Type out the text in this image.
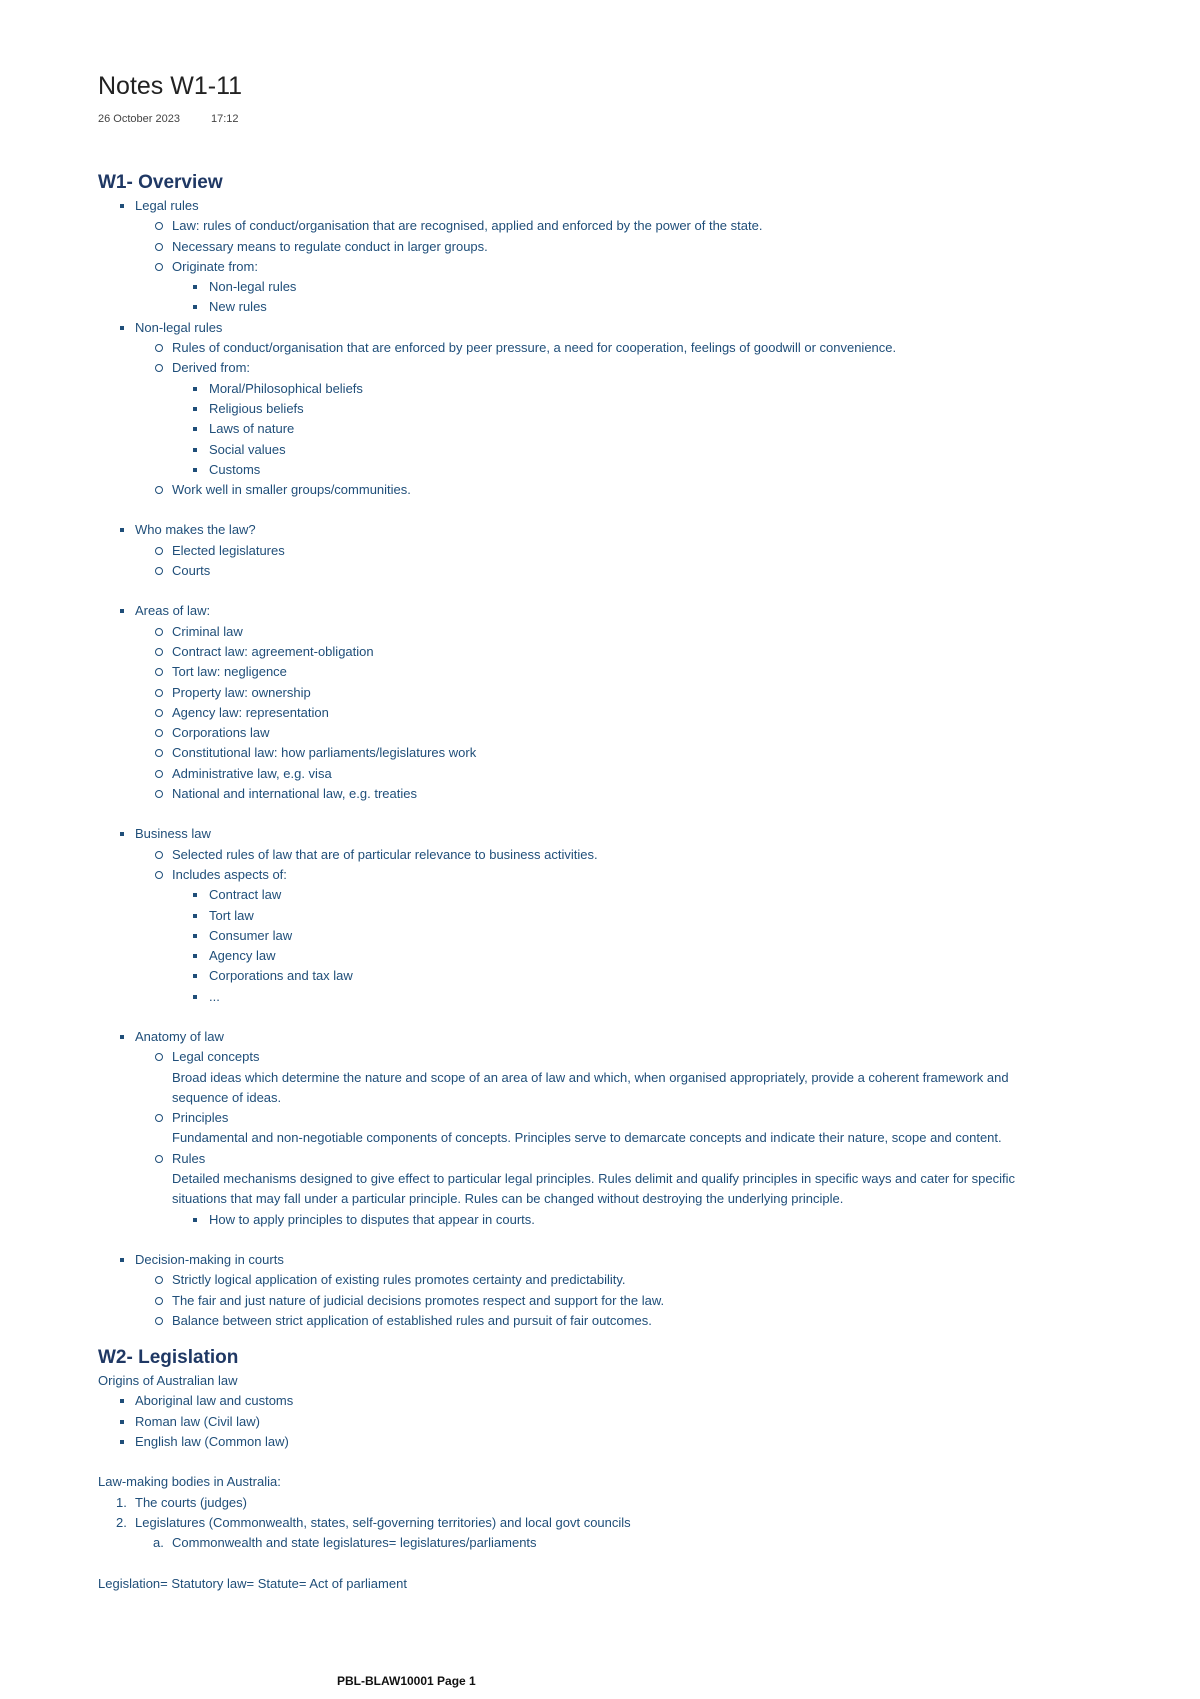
Notes W1-11
26 October 2023	17:12
W1- Overview
Legal rules
Law: rules of conduct/organisation that are recognised, applied and enforced by the power of the state.
Necessary means to regulate conduct in larger groups.
Originate from:
Non-legal rules
New rules
Non-legal rules
Rules of conduct/organisation that are enforced by peer pressure, a need for cooperation, feelings of goodwill or convenience.
Derived from:
Moral/Philosophical beliefs
Religious beliefs
Laws of nature
Social values
Customs
Work well in smaller groups/communities.
Who makes the law?
Elected legislatures
Courts
Areas of law:
Criminal law
Contract law: agreement-obligation
Tort law: negligence
Property law: ownership
Agency law: representation
Corporations law
Constitutional law: how parliaments/legislatures work
Administrative law, e.g. visa
National and international law, e.g. treaties
Business law
Selected rules of law that are of particular relevance to business activities.
Includes aspects of:
Contract law
Tort law
Consumer law
Agency law
Corporations and tax law
...
Anatomy of law
Legal concepts
Broad ideas which determine the nature and scope of an area of law and which, when organised appropriately, provide a coherent framework and
sequence of ideas.
Principles
Fundamental and non-negotiable components of concepts. Principles serve to demarcate concepts and indicate their nature, scope and content.
Rules
Detailed mechanisms designed to give effect to particular legal principles. Rules delimit and qualify principles in specific ways and cater for specific
situations that may fall under a particular principle. Rules can be changed without destroying the underlying principle.
How to apply principles to disputes that appear in courts.
Decision-making in courts
Strictly logical application of existing rules promotes certainty and predictability.
The fair and just nature of judicial decisions promotes respect and support for the law.
Balance between strict application of established rules and pursuit of fair outcomes.
W2- Legislation
Origins of Australian law
Aboriginal law and customs
Roman law (Civil law)
English law (Common law)
Law-making bodies in Australia:
1. The courts (judges)
2. Legislatures (Commonwealth, states, self-governing territories) and local govt councils
a. Commonwealth and state legislatures= legislatures/parliaments
Legislation= Statutory law= Statute= Act of parliament
PBL-BLAW10001 Page 1
